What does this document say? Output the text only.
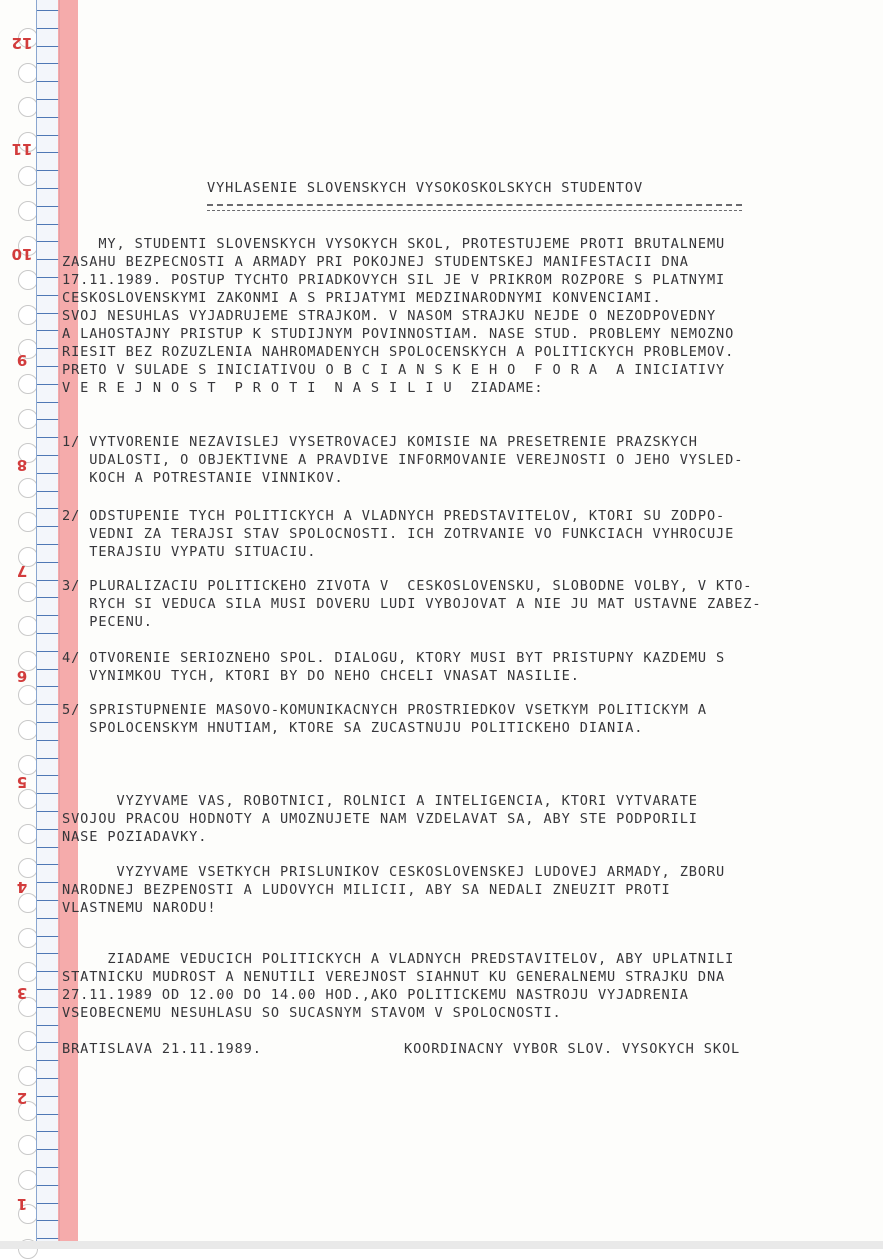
VYHLASENIE SLOVENSKYCH VYSOKOSKOLSKYCH STUDENTOV
MY, STUDENTI SLOVENSKYCH VYSOKYCH SKOL, PROTESTUJEME PROTI BRUTALNEMU
ZASAHU BEZPECNOSTI A ARMADY PRI POKOJNEJ STUDENTSKEJ MANIFESTACII DNA
17.11.1989. POSTUP TYCHTO PRIADKOVYCH SIL JE V PRIKROM ROZPORE S PLATNYMI
CESKOSLOVENSKYMI ZAKONMI A S PRIJATYMI MEDZINARODNYMI KONVENCIAMI.
SVOJ NESUHLAS VYJADRUJEME STRAJKOM. V NASOM STRAJKU NEJDE O NEZODPOVEDNY
A LAHOSTAJNY PRISTUP K STUDIJNYM POVINNOSTIAM. NASE STUD. PROBLEMY NEMOZNO
RIESIT BEZ ROZUZLENIA NAHROMADENYCH SPOLOCENSKYCH A POLITICKYCH PROBLEMOV.
PRETO V SULADE S INICIATIVOU O B C I A N S K E H O  F O R A  A INICIATIVY
V E R E J N O S T  P R O T I  N A S I L I U  ZIADAME:
1/ VYTVORENIE NEZAVISLEJ VYSETROVACEJ KOMISIE NA PRESETRENIE PRAZSKYCH
UDALOSTI, O OBJEKTIVNE A PRAVDIVE INFORMOVANIE VEREJNOSTI O JEHO VYSLED-
KOCH A POTRESTANIE VINNIKOV.
2/ ODSTUPENIE TYCH POLITICKYCH A VLADNYCH PREDSTAVITELOV, KTORI SU ZODPO-
VEDNI ZA TERAJSI STAV SPOLOCNOSTI. ICH ZOTRVANIE VO FUNKCIACH VYHROCUJE
TERAJSIU VYPATU SITUACIU.
3/ PLURALIZACIU POLITICKEHO ZIVOTA V  CESKOSLOVENSKU, SLOBODNE VOLBY, V KTO-
RYCH SI VEDUCA SILA MUSI DOVERU LUDI VYBOJOVAT A NIE JU MAT USTAVNE ZABEZ-
PECENU.
4/ OTVORENIE SERIOZNEHO SPOL. DIALOGU, KTORY MUSI BYT PRISTUPNY KAZDEMU S
VYNIMKOU TYCH, KTORI BY DO NEHO CHCELI VNASAT NASILIE.
5/ SPRISTUPNENIE MASOVO-KOMUNIKACNYCH PROSTRIEDKOV VSETKYM POLITICKYM A
SPOLOCENSKYM HNUTIAM, KTORE SA ZUCASTNUJU POLITICKEHO DIANIA.
VYZYVAME VAS, ROBOTNICI, ROLNICI A INTELIGENCIA, KTORI VYTVARATE
SVOJOU PRACOU HODNOTY A UMOZNUJETE NAM VZDELAVAT SA, ABY STE PODPORILI
NASE POZIADAVKY.
VYZYVAME VSETKYCH PRISLUNIKOV CESKOSLOVENSKEJ LUDOVEJ ARMADY, ZBORU
NARODNEJ BEZPENOSTI A LUDOVYCH MILICII, ABY SA NEDALI ZNEUZIT PROTI
VLASTNEMU NARODU!
ZIADAME VEDUCICH POLITICKYCH A VLADNYCH PREDSTAVITELOV, ABY UPLATNILI
STATNICKU MUDROST A NENUTILI VEREJNOST SIAHNUT KU GENERALNEMU STRAJKU DNA
27.11.1989 OD 12.00 DO 14.00 HOD.,AKO POLITICKEMU NASTROJU VYJADRENIA
VSEOBECNEMU NESUHLASU SO SUCASNYM STAVOM V SPOLOCNOSTI.
BRATISLAVA 21.11.1989.	KOORDINACNY VYBOR SLOV. VYSOKYCH SKOL
12
11
10
9
8
7
6
5
4
3
2
1
